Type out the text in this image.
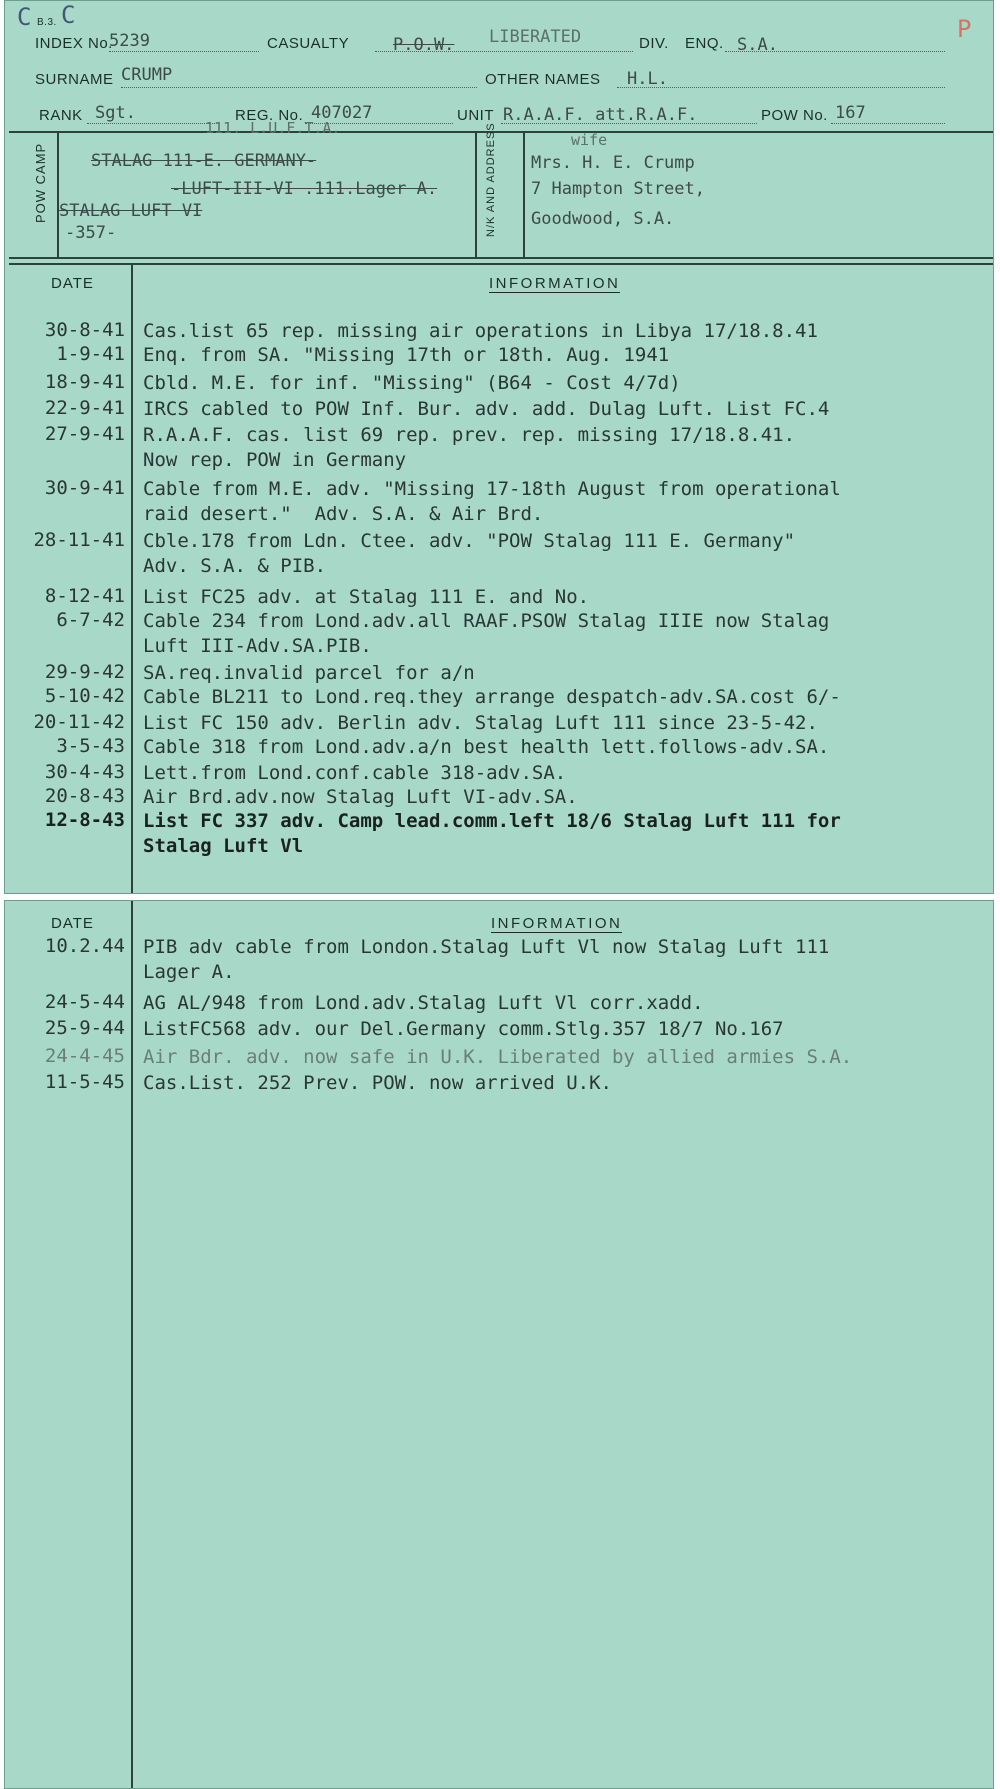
C B.3. C	P
INDEX No.
5239	CASUALTY	P.O.W. LIBERATED	DIV. ENQ. S.A.
SURNAME CRUMP	OTHER NAMES H.L.
RANK Sgt.	REG. No. 407027	UNIT R.A.A.F. att.R.A.F.	POW No. 167
POW CAMP
111. L.U.F.T.A.
STALAG 111-E. GERMANY-
-LUFT-III-VI .111.Lager A.
STALAG LUFT VI
-357-	N/K AND ADDRESS	wife
Mrs. H. E. Crump
7 Hampton Street,
Goodwood, S.A.
DATE	INFORMATION
30-8-41 Cas.list 65 rep. missing air operations in Libya 17/18.8.41
1-9-41 Enq. from SA. "Missing 17th or 18th. Aug. 1941
18-9-41 Cbld. M.E. for inf. "Missing" (B64 - Cost 4/7d)
22-9-41 IRCS cabled to POW Inf. Bur. adv. add. Dulag Luft. List FC.4
27-9-41 R.A.A.F. cas. list 69 rep. prev. rep. missing 17/18.8.41.
Now rep. POW in Germany
30-9-41 Cable from M.E. adv. "Missing 17-18th August from operational
raid desert."  Adv. S.A. & Air Brd.
28-11-41 Cble.178 from Ldn. Ctee. adv. "POW Stalag 111 E. Germany"
Adv. S.A. & PIB.
8-12-41 List FC25 adv. at Stalag 111 E. and No.
6-7-42 Cable 234 from Lond.adv.all RAAF.PSOW Stalag IIIE now Stalag
Luft III-Adv.SA.PIB.
29-9-42 SA.req.invalid parcel for a/n
5-10-42 Cable BL211 to Lond.req.they arrange despatch-adv.SA.cost 6/-
20-11-42 List FC 150 adv. Berlin adv. Stalag Luft 111 since 23-5-42.
3-5-43 Cable 318 from Lond.adv.a/n best health lett.follows-adv.SA.
30-4-43 Lett.from Lond.conf.cable 318-adv.SA.
20-8-43 Air Brd.adv.now Stalag Luft VI-adv.SA.
12-8-43 List FC 337 adv. Camp lead.comm.left 18/6 Stalag Luft 111 for
Stalag Luft Vl
DATE	INFORMATION
10.2.44 PIB adv cable from London.Stalag Luft Vl now Stalag Luft 111
Lager A.
24-5-44 AG AL/948 from Lond.adv.Stalag Luft Vl corr.xadd.
25-9-44 ListFC568 adv. our Del.Germany comm.Stlg.357 18/7 No.167
24-4-45 Air Bdr. adv. now safe in U.K. Liberated by allied armies S.A.
11-5-45 Cas.List. 252 Prev. POW. now arrived U.K.
